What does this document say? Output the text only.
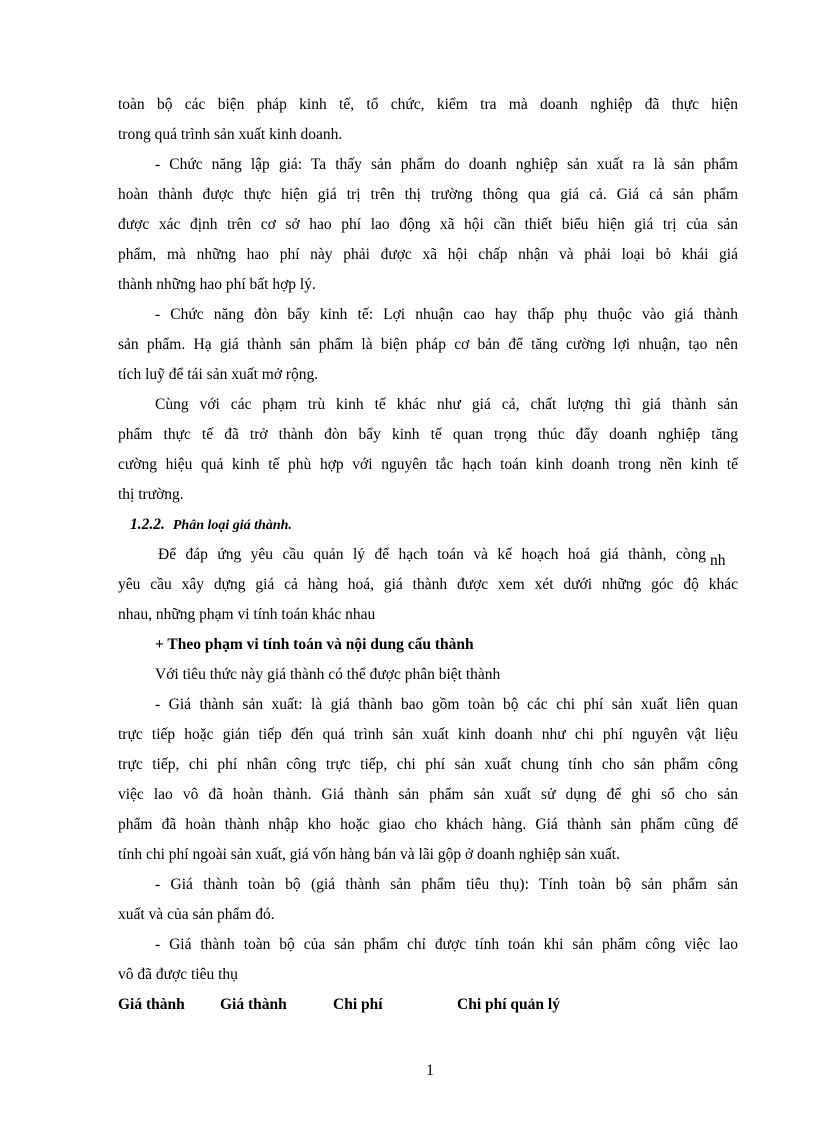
toàn bộ các biện pháp kinh tế, tổ chức, kiểm tra mà doanh nghiệp đã thực hiện
trong quá trình sản xuất kinh doanh.
- Chức năng lập giá: Ta thấy sản phẩm do doanh nghiệp sản xuất ra là sản phẩm
hoàn thành được thực hiện giá trị trên thị trường thông qua giá cả. Giá cả sản phẩm
được xác định trên cơ sở hao phí lao động xã hội cần thiết biểu hiện giá trị của sản
phẩm, mà những hao phí này phải được xã hội chấp nhận và phải loại bỏ khái giá
thành những hao phí bất hợp lý.
- Chức năng đòn bẩy kinh tế: Lợi nhuận cao hay thấp phụ thuộc vào giá thành
sản phẩm. Hạ giá thành sản phẩm là biện pháp cơ bản để tăng cường lợi nhuận, tạo nên
tích luỹ để tái sản xuất mở rộng.
Cùng với các phạm trù kinh tế khác như giá cả, chất lượng thì giá thành sản
phẩm thực tế đã trở thành đòn bẩy kinh tế quan trọng thúc đẩy doanh nghiệp tăng
cường hiệu quả kinh tế phù hợp với nguyên tắc hạch toán kinh doanh trong nền kinh tế
thị trường.
1.2.2. Phân loại giá thành.
Để đáp ứng yêu cầu quản lý để hạch toán và kế hoạch hoá giá thành, còng nh
yêu cầu xây dựng giá cả hàng hoá, giá thành được xem xét dưới những góc độ khác
nhau, những phạm vi tính toán khác nhau
+ Theo phạm vi tính toán và nội dung cấu thành
Với tiêu thức này giá thành có thể được phân biệt thành
- Giá thành sản xuất: là giá thành bao gồm toàn bộ các chi phí sản xuất liên quan
trực tiếp hoặc gián tiếp đến quá trình sản xuất kinh doanh như chi phí nguyên vật liệu
trực tiếp, chi phí nhân công trực tiếp, chi phí sản xuất chung tính cho sản phẩm công
việc lao vô đã hoàn thành. Giá thành sản phẩm sản xuất sử dụng để ghi sổ cho sản
phẩm đã hoàn thành nhập kho hoặc giao cho khách hàng. Giá thành sản phẩm cũng để
tính chi phí ngoài sản xuất, giá vốn hàng bán và lãi gộp ở doanh nghiệp sản xuất.
- Giá thành toàn bộ (giá thành sản phẩm tiêu thụ): Tính toàn bộ sản phẩm sản
xuất và của sản phẩm đó.
- Giá thành toàn bộ của sản phẩm chỉ được tính toán khi sản phẩm công việc lao
vô đã được tiêu thụ
Giá thành Giá thành	Chi phí	Chi phí quản lý
1
